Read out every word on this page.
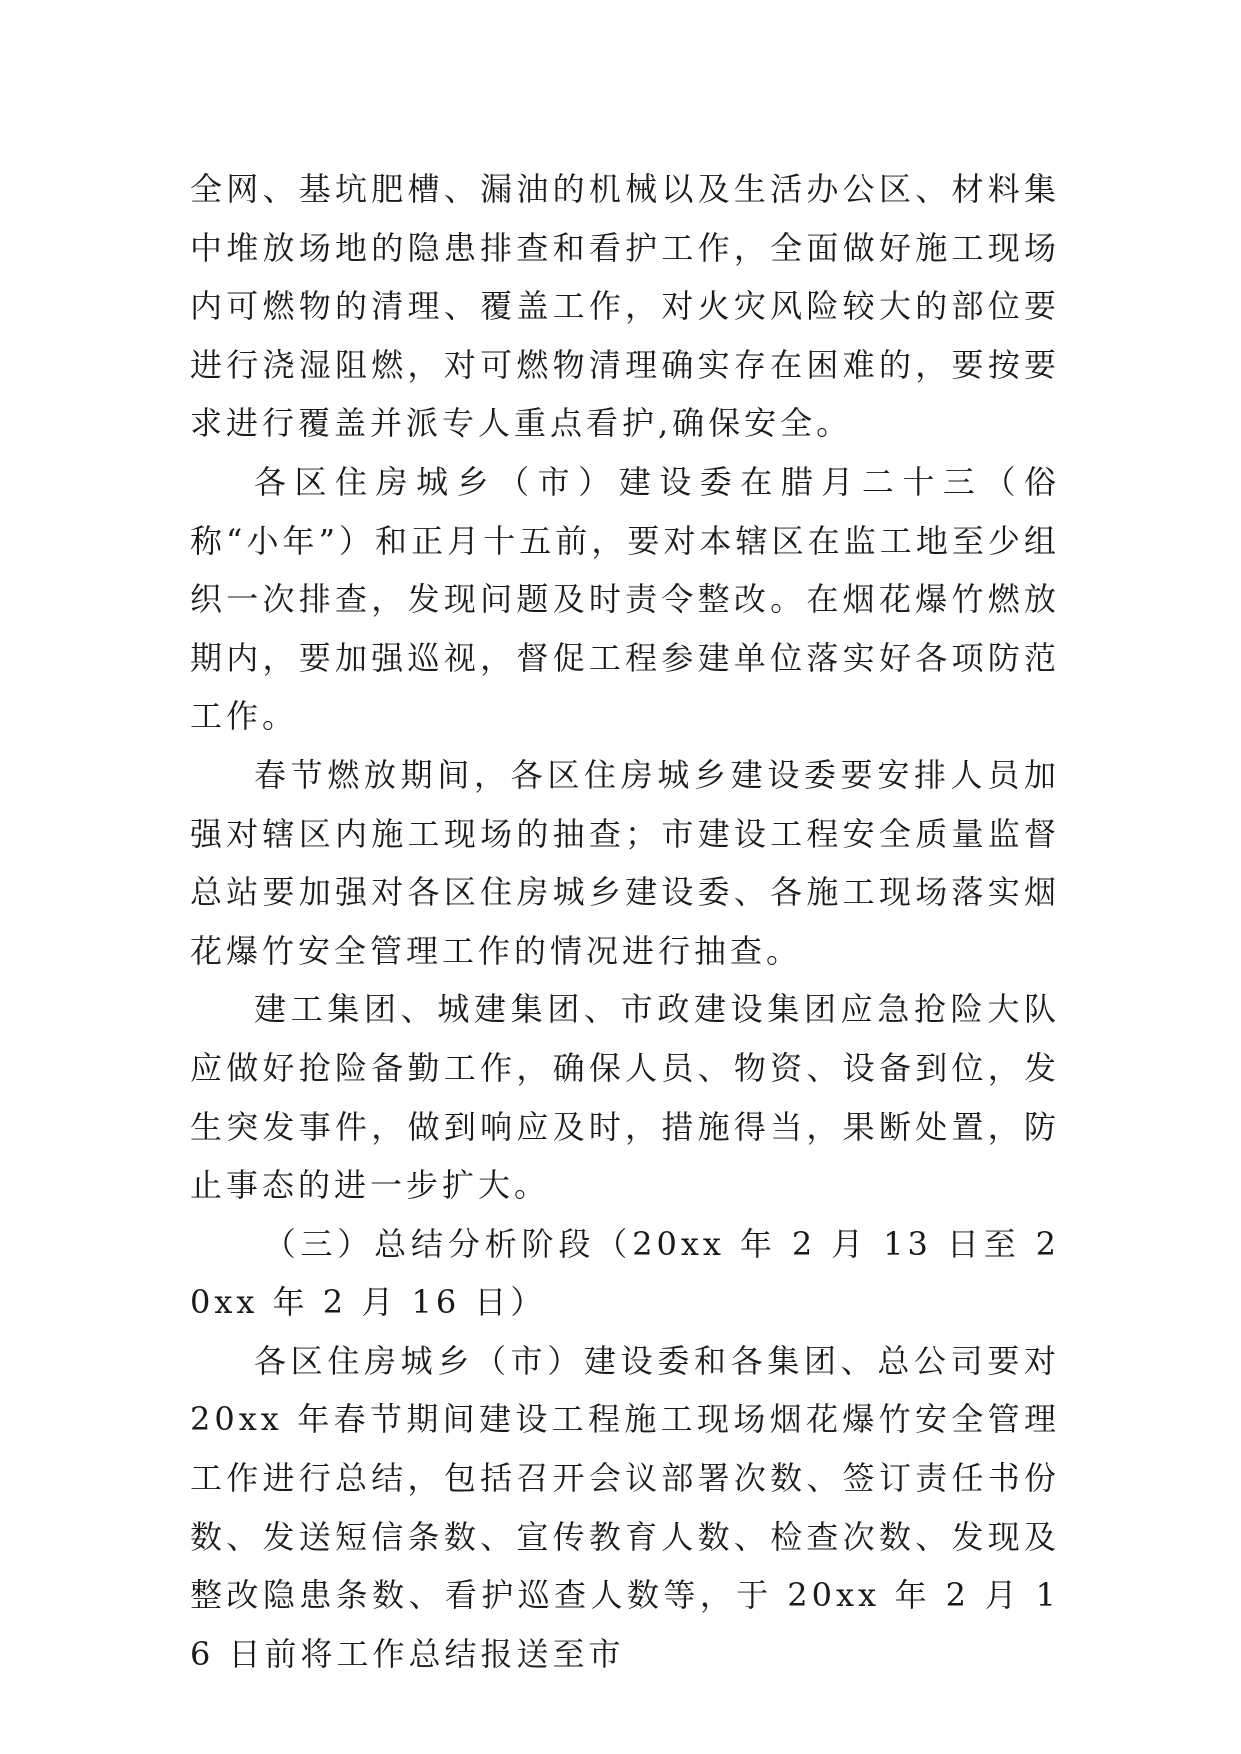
全网、基坑肥槽、漏油的机械以及生活办公区、材料集中堆放场地的隐患排查和看护工作，全面做好施工现场内可燃物的清理、覆盖工作，对火灾风险较大的部位要进行浇湿阻燃，对可燃物清理确实存在困难的，要按要求进行覆盖并派专人重点看护,确保安全。

各区住房城乡（市）建设委在腊月二十三（俗称“小年”）和正月十五前，要对本辖区在监工地至少组织一次排查，发现问题及时责令整改。在烟花爆竹燃放期内，要加强巡视，督促工程参建单位落实好各项防范工作。

春节燃放期间，各区住房城乡建设委要安排人员加强对辖区内施工现场的抽查；市建设工程安全质量监督总站要加强对各区住房城乡建设委、各施工现场落实烟花爆竹安全管理工作的情况进行抽查。

建工集团、城建集团、市政建设集团应急抢险大队应做好抢险备勤工作，确保人员、物资、设备到位，发生突发事件，做到响应及时，措施得当，果断处置，防止事态的进一步扩大。

（三）总结分析阶段（20xx 年 2 月 13 日至 20xx 年 2 月 16 日）

各区住房城乡（市）建设委和各集团、总公司要对 20xx 年春节期间建设工程施工现场烟花爆竹安全管理工作进行总结，包括召开会议部署次数、签订责任书份数、发送短信条数、宣传教育人数、检查次数、发现及整改隐患条数、看护巡查人数等，于 20xx 年 2 月 16 日前将工作总结报送至市
